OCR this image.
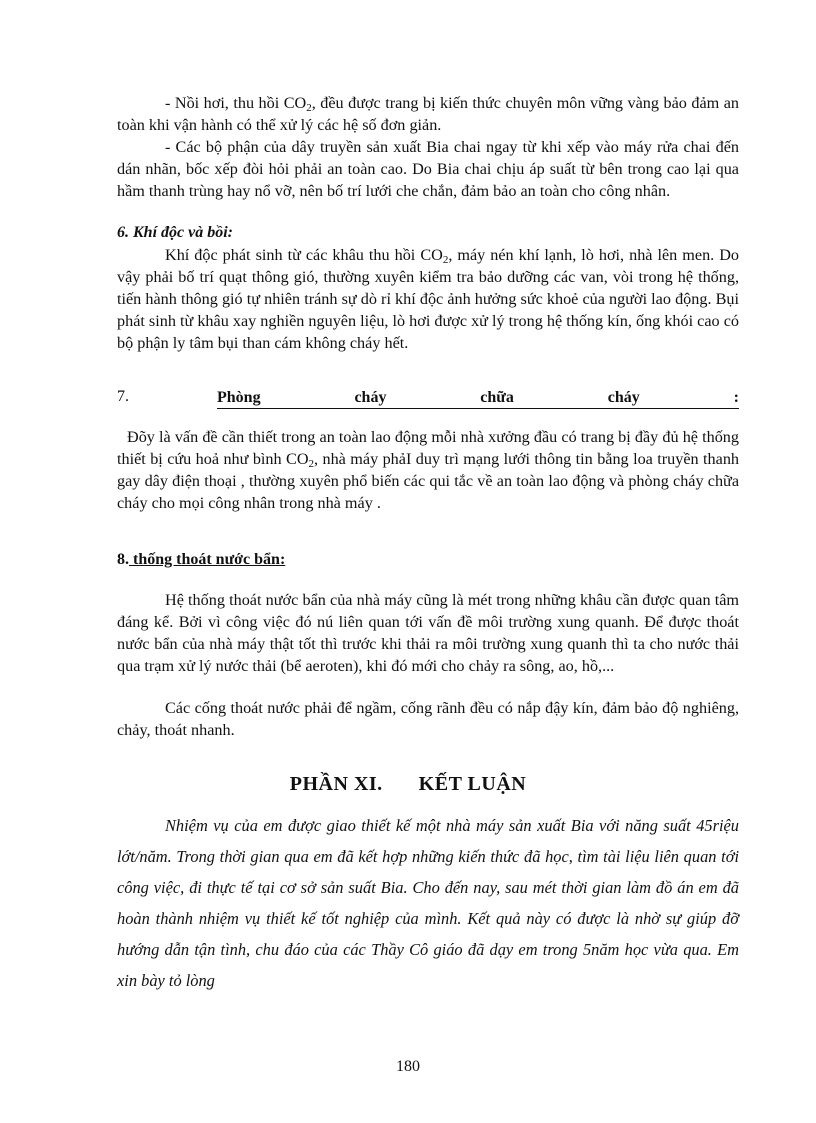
- Nồi hơi, thu hồi $CO_2$, đều được trang bị kiến thức chuyên môn vững vàng bảo đảm an toàn khi vận hành có thể xử lý các hệ số đơn giản.
- Các bộ phận của dây truyền sản xuất Bia chai ngay từ khi xếp vào máy rửa chai đến dán nhãn, bốc xếp đòi hỏi phải an toàn cao. Do Bia chai chịu áp suất từ bên trong cao lại qua hầm thanh trùng hay nổ vỡ, nên bố trí lưới che chắn, đảm bảo an toàn cho công nhân.
6. Khí độc và bồi:
Khí độc phát sinh từ các khâu thu hồi $CO_2$, máy nén khí lạnh, lò hơi, nhà lên men. Do vậy phải bố trí quạt thông gió, thường xuyên kiểm tra bảo dưỡng các van, vòi trong hệ thống, tiến hành thông gió tự nhiên tránh sự dò rỉ khí độc ảnh hưởng sức khoẻ của người lao động. Bụi phát sinh từ khâu xay nghiền nguyên liệu, lò hơi được xử lý trong hệ thống kín, ống khói cao có bộ phận ly tâm bụi than cám không cháy hết.
7.	Phòng	cháy	chữa	cháy	:
Đõy là vấn đề cần thiết trong an toàn lao động mỗi nhà xưởng đầu có trang bị đầy đủ hệ thống thiết bị cứu hoả như bình $CO_2$, nhà máy phảI duy trì mạng lưới thông tin bằng loa truyền thanh gay dây điện thoại , thường xuyên phổ biến các qui tắc về an toàn lao động và phòng cháy chữa cháy cho mọi công nhân trong nhà máy .
8. thống thoát nước bẩn:
Hệ thống thoát nước bẩn của nhà máy cũng là mét trong những khâu cần được quan tâm đáng kể. Bởi vì công việc đó nú liên quan tới vấn đề môi trường xung quanh. Để được thoát nước bẩn của nhà máy thật tốt thì trước khi thải ra môi trường xung quanh thì ta cho nước thải qua trạm xử lý nước thải (bể aeroten), khi đó mới cho chảy ra sông, ao, hồ,...
Các cống thoát nước phải để ngầm, cống rãnh đều có nắp đậy kín, đảm bảo độ nghiêng, chảy, thoát nhanh.
PHẦN XI. KẾT LUẬN
Nhiệm vụ của em được giao thiết kế một nhà máy sản xuất Bia với năng suất 45riệu lớt/năm. Trong thời gian qua em đã kết hợp những kiến thức đã học, tìm tài liệu liên quan tới công việc, đi thực tế tại cơ sở sản suất Bia. Cho đến nay, sau mét thời gian làm đồ án em đã hoàn thành nhiệm vụ thiết kế tốt nghiệp của mình. Kết quả này có được là nhờ sự giúp đỡ hướng dẫn tận tình, chu đáo của các Thầy Cô giáo đã dạy em trong 5năm học vừa qua. Em xin bày tỏ lòng
180
